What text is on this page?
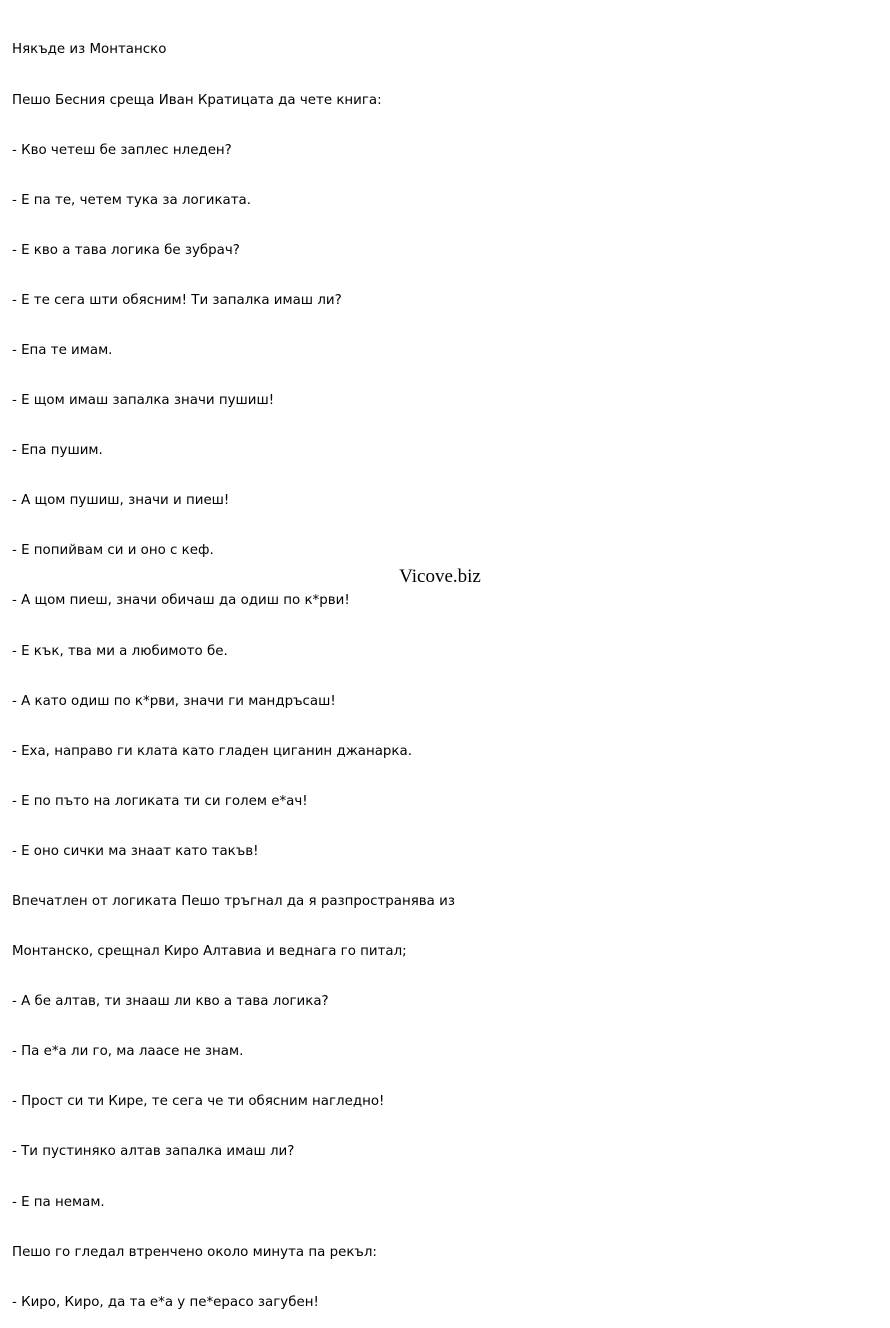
Някъде из Монтанско

Пешо Бесния среща Иван Кратицата да чете книга:

- Кво четеш бе заплес нледен?

- Е па те, четем тука за логиката.

- Е кво а тава логика бе зубрач?

- Е те сега шти обясним! Ти запалка имаш ли?

- Епа те имам.

- Е щом имаш запалка значи пушиш!

- Епа пушим.

- А щом пушиш, значи и пиеш!

- Е попийвам си и оно с кеф.

- А щом пиеш, значи обичаш да одиш по к*рви!

- Е кък, тва ми а любимото бе.

- А като одиш по к*рви, значи ги мандръсаш!

- Еха, направо ги клата като гладен циганин джанарка.

- Е по пъто на логиката ти си голем е*ач!

- Е оно сички ма знаат като такъв!

Впечатлен от логиката Пешо тръгнал да я разпространява из

Монтанско, срещнал Киро Алтавиа и веднага го питал;

- А бе алтав, ти знааш ли кво а тава логика?

- Па е*а ли го, ма лаасе не знам.

- Прост си ти Кире, те сега че ти обясним нагледно!

- Ти пустиняко алтав запалка имаш ли?

- Е па немам.

Пешо го гледал втренчено около минута па рекъл:

- Киро, Киро, да та е*а у пе*ерасо загубен!

Vicove.biz
